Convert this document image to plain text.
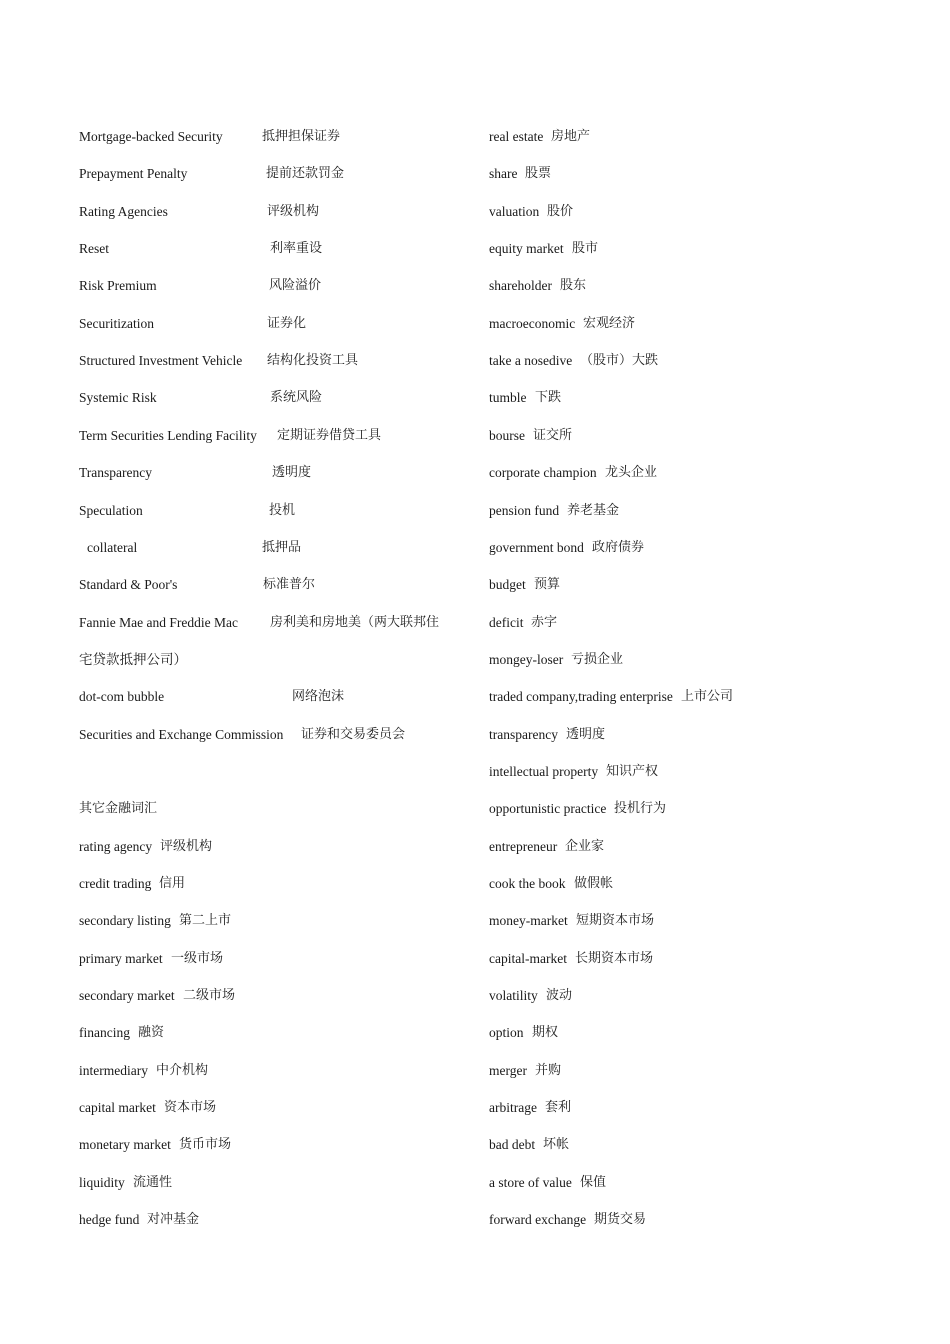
Mortgage-backed Security	抵押担保证券
Prepayment Penalty	提前还款罚金
Rating Agencies	评级机构
Reset	利率重设
Risk Premium	风险溢价
Securitization	证券化
Structured Investment Vehicle 结构化投资工具
Systemic Risk	系统风险
Term Securities Lending Facility 定期证券借贷工具
Transparency	透明度
Speculation	投机
collateral	抵押品
Standard & Poor's	标准普尔
Fannie Mae and Freddie Mac 房利美和房地美（两大联邦住
宅贷款抵押公司）
dot-com bubble	网络泡沫
Securities and Exchange Commission 证券和交易委员会
其它金融词汇
rating agency 评级机构
credit trading 信用
secondary listing 第二上市
primary market 一级市场
secondary market 二级市场
financing 融资
intermediary 中介机构
capital market 资本市场
monetary market 货币市场
liquidity 流通性
hedge fund 对冲基金
real estate 房地产
share 股票
valuation 股价
equity market 股市
shareholder 股东
macroeconomic 宏观经济
take a nosedive （股市）大跌
tumble 下跌
bourse 证交所
corporate champion 龙头企业
pension fund 养老基金
government bond 政府债券
budget 预算
deficit 赤字
mongey-loser 亏损企业
traded company,trading enterprise 上市公司
transparency 透明度
intellectual property 知识产权
opportunistic practice 投机行为
entrepreneur 企业家
cook the book 做假帐
money-market 短期资本市场
capital-market 长期资本市场
volatility 波动
option 期权
merger 并购
arbitrage 套利
bad debt 坏帐
a store of value 保值
forward exchange 期货交易
